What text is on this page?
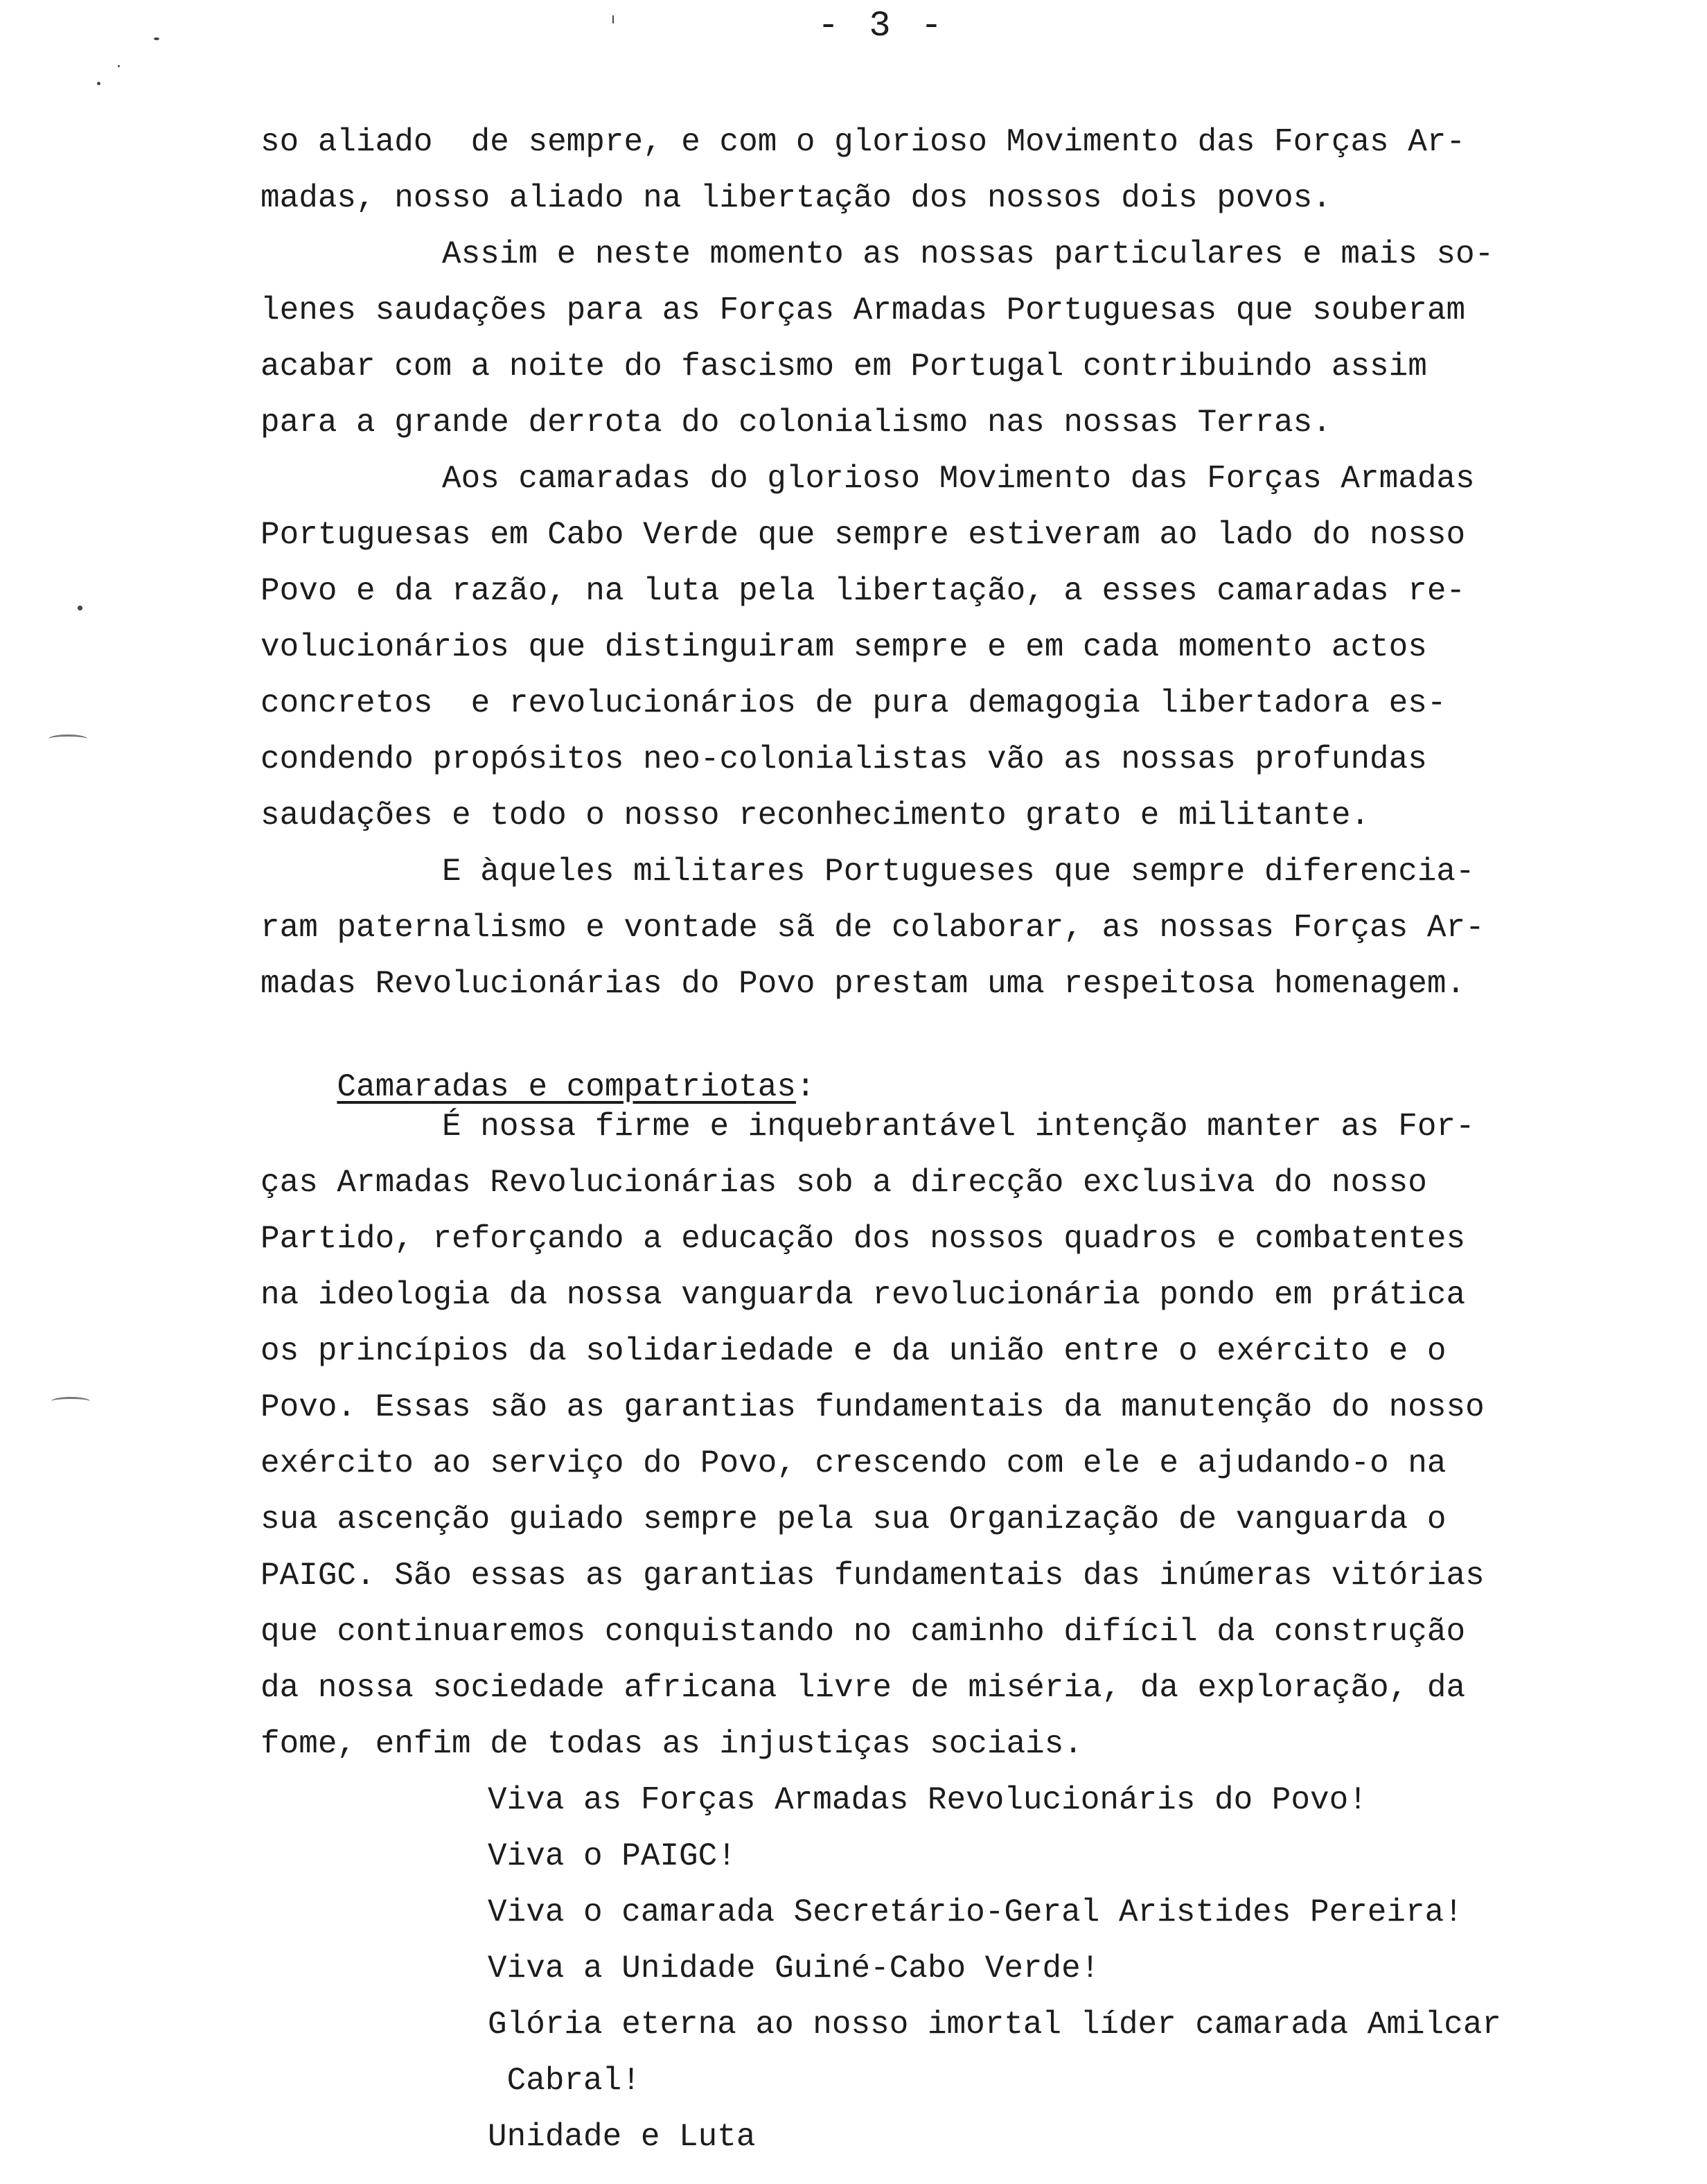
- 3 -
so aliado  de sempre, e com o glorioso Movimento das Forças Ar-
madas, nosso aliado na libertação dos nossos dois povos.
Assim e neste momento as nossas particulares e mais so-
lenes saudações para as Forças Armadas Portuguesas que souberam
acabar com a noite do fascismo em Portugal contribuindo assim
para a grande derrota do colonialismo nas nossas Terras.
Aos camaradas do glorioso Movimento das Forças Armadas
Portuguesas em Cabo Verde que sempre estiveram ao lado do nosso
Povo e da razão, na luta pela libertação, a esses camaradas re-
volucionários que distinguiram sempre e em cada momento actos
concretos  e revolucionários de pura demagogia libertadora es-
condendo propósitos neo-colonialistas vão as nossas profundas
saudações e todo o nosso reconhecimento grato e militante.
E àqueles militares Portugueses que sempre diferencia-
ram paternalismo e vontade sã de colaborar, as nossas Forças Ar-
madas Revolucionárias do Povo prestam uma respeitosa homenagem.

Camaradas e compatriotas:

É nossa firme e inquebrantável intenção manter as For-
ças Armadas Revolucionárias sob a direcção exclusiva do nosso
Partido, reforçando a educação dos nossos quadros e combatentes
na ideologia da nossa vanguarda revolucionária pondo em prática
os princípios da solidariedade e da união entre o exército e o
Povo. Essas são as garantias fundamentais da manutenção do nosso
exército ao serviço do Povo, crescendo com ele e ajudando-o na
sua ascenção guiado sempre pela sua Organização de vanguarda o
PAIGC. São essas as garantias fundamentais das inúmeras vitórias
que continuaremos conquistando no caminho difícil da construção
da nossa sociedade africana livre de miséria, da exploração, da
fome, enfim de todas as injustiças sociais.
Viva as Forças Armadas Revolucionáris do Povo!
Viva o PAIGC!
Viva o camarada Secretário-Geral Aristides Pereira!
Viva a Unidade Guiné-Cabo Verde!
Glória eterna ao nosso imortal líder camarada Amilcar
Cabral!
Unidade e Luta
